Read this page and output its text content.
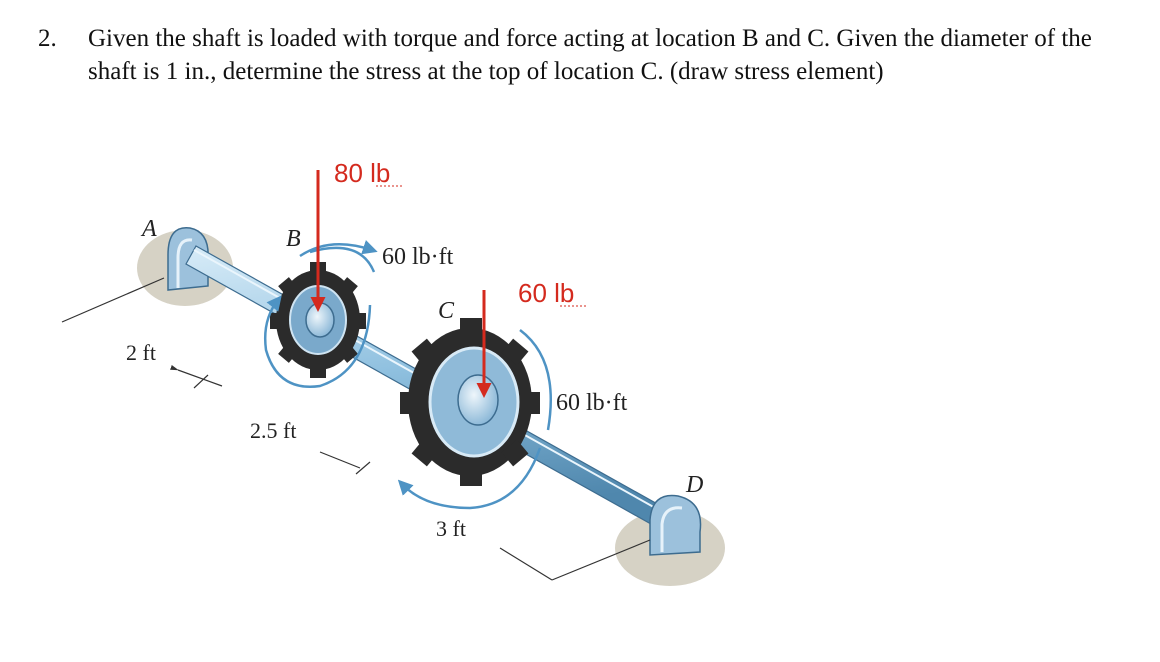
2. Given the shaft is loaded with torque and force acting at location B and C. Given the diameter of the
shaft is 1 in., determine the stress at the top of location C. (draw stress element)
A	B
C
D
2 ft
2.5 ft
3 ft
60 lb·ft
60 lb·ft
80 lb
60 lb
